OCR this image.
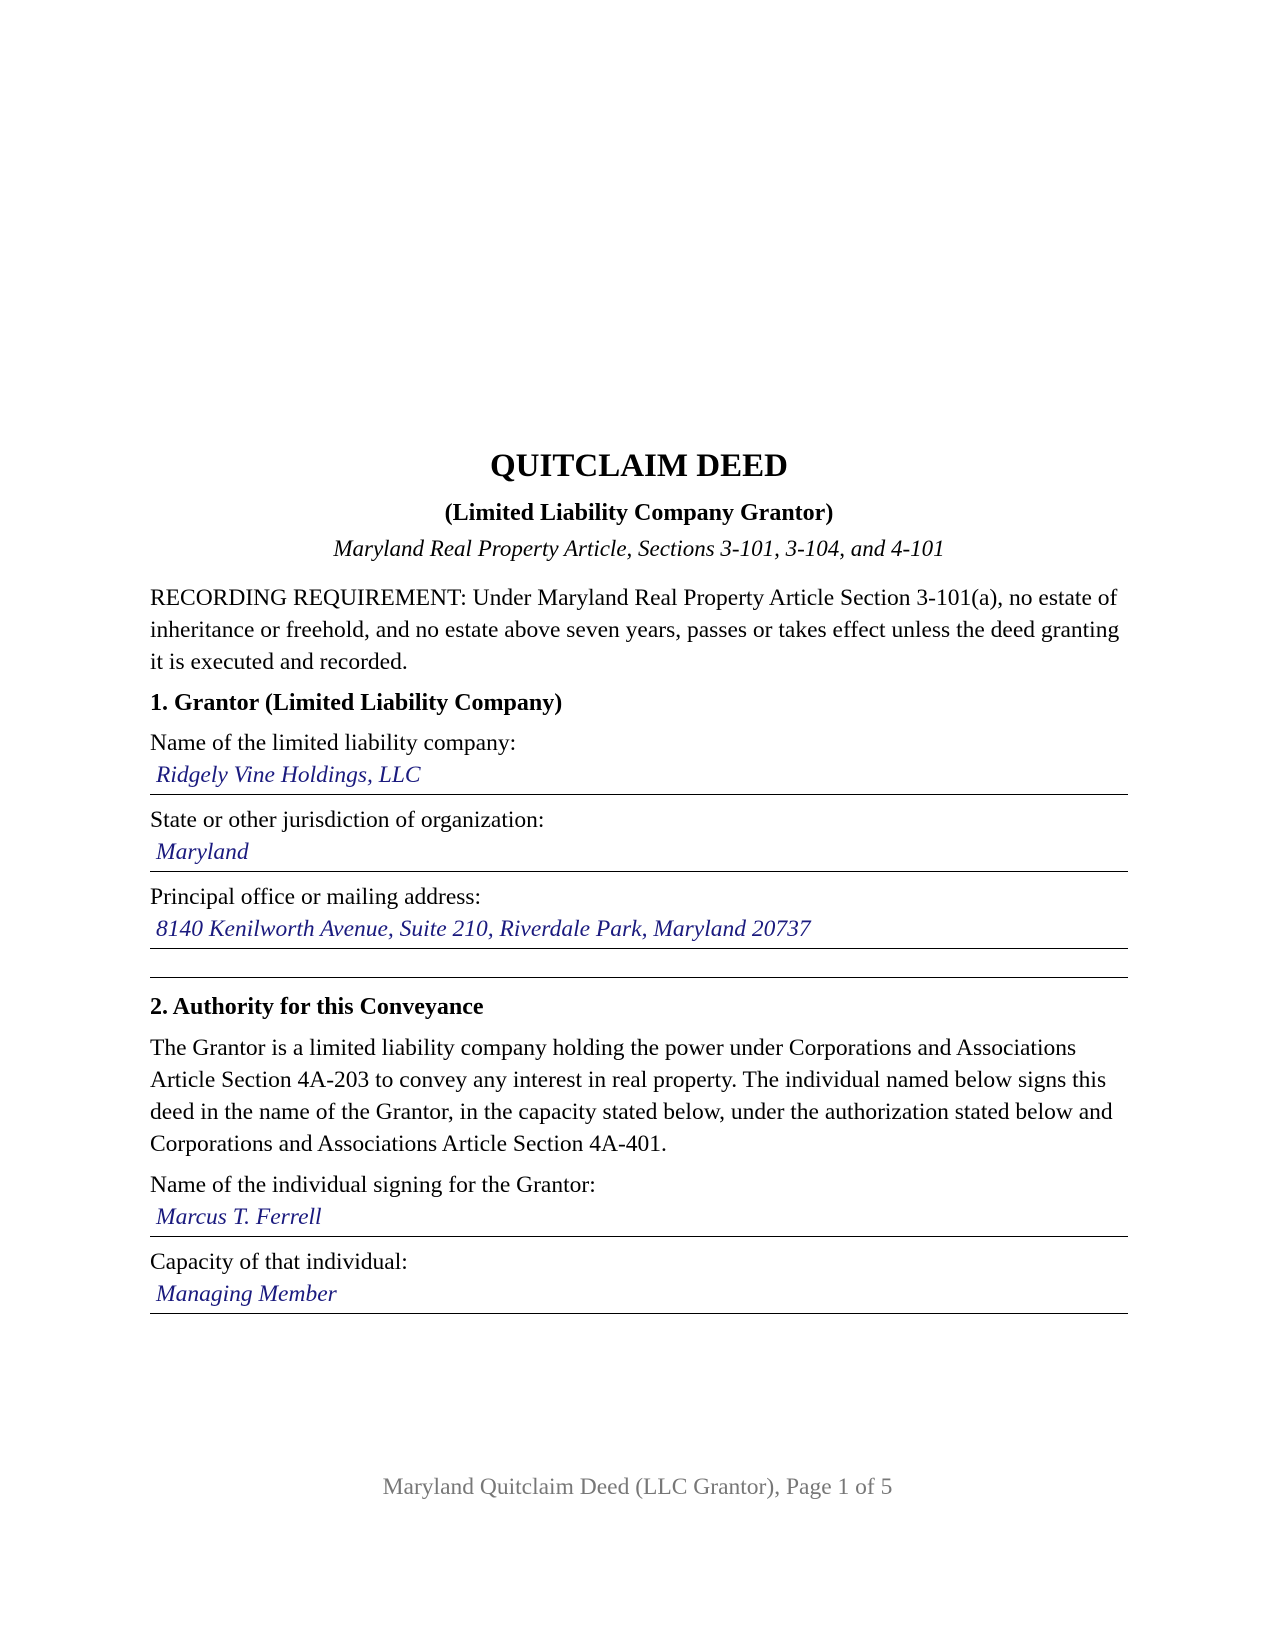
QUITCLAIM DEED
(Limited Liability Company Grantor)
Maryland Real Property Article, Sections 3-101, 3-104, and 4-101

RECORDING REQUIREMENT: Under Maryland Real Property Article Section 3-101(a), no estate of inheritance or freehold, and no estate above seven years, passes or takes effect unless the deed granting it is executed and recorded.

1. Grantor (Limited Liability Company)
Name of the limited liability company:
Ridgely Vine Holdings, LLC
State or other jurisdiction of organization:
Maryland
Principal office or mailing address:
8140 Kenilworth Avenue, Suite 210, Riverdale Park, Maryland 20737
2. Authority for this Conveyance

The Grantor is a limited liability company holding the power under Corporations and Associations Article Section 4A-203 to convey any interest in real property. The individual named below signs this deed in the name of the Grantor, in the capacity stated below, under the authorization stated below and Corporations and Associations Article Section 4A-401.

Name of the individual signing for the Grantor:
Marcus T. Ferrell
Capacity of that individual:
Managing Member
Maryland Quitclaim Deed (LLC Grantor), Page 1 of 5
